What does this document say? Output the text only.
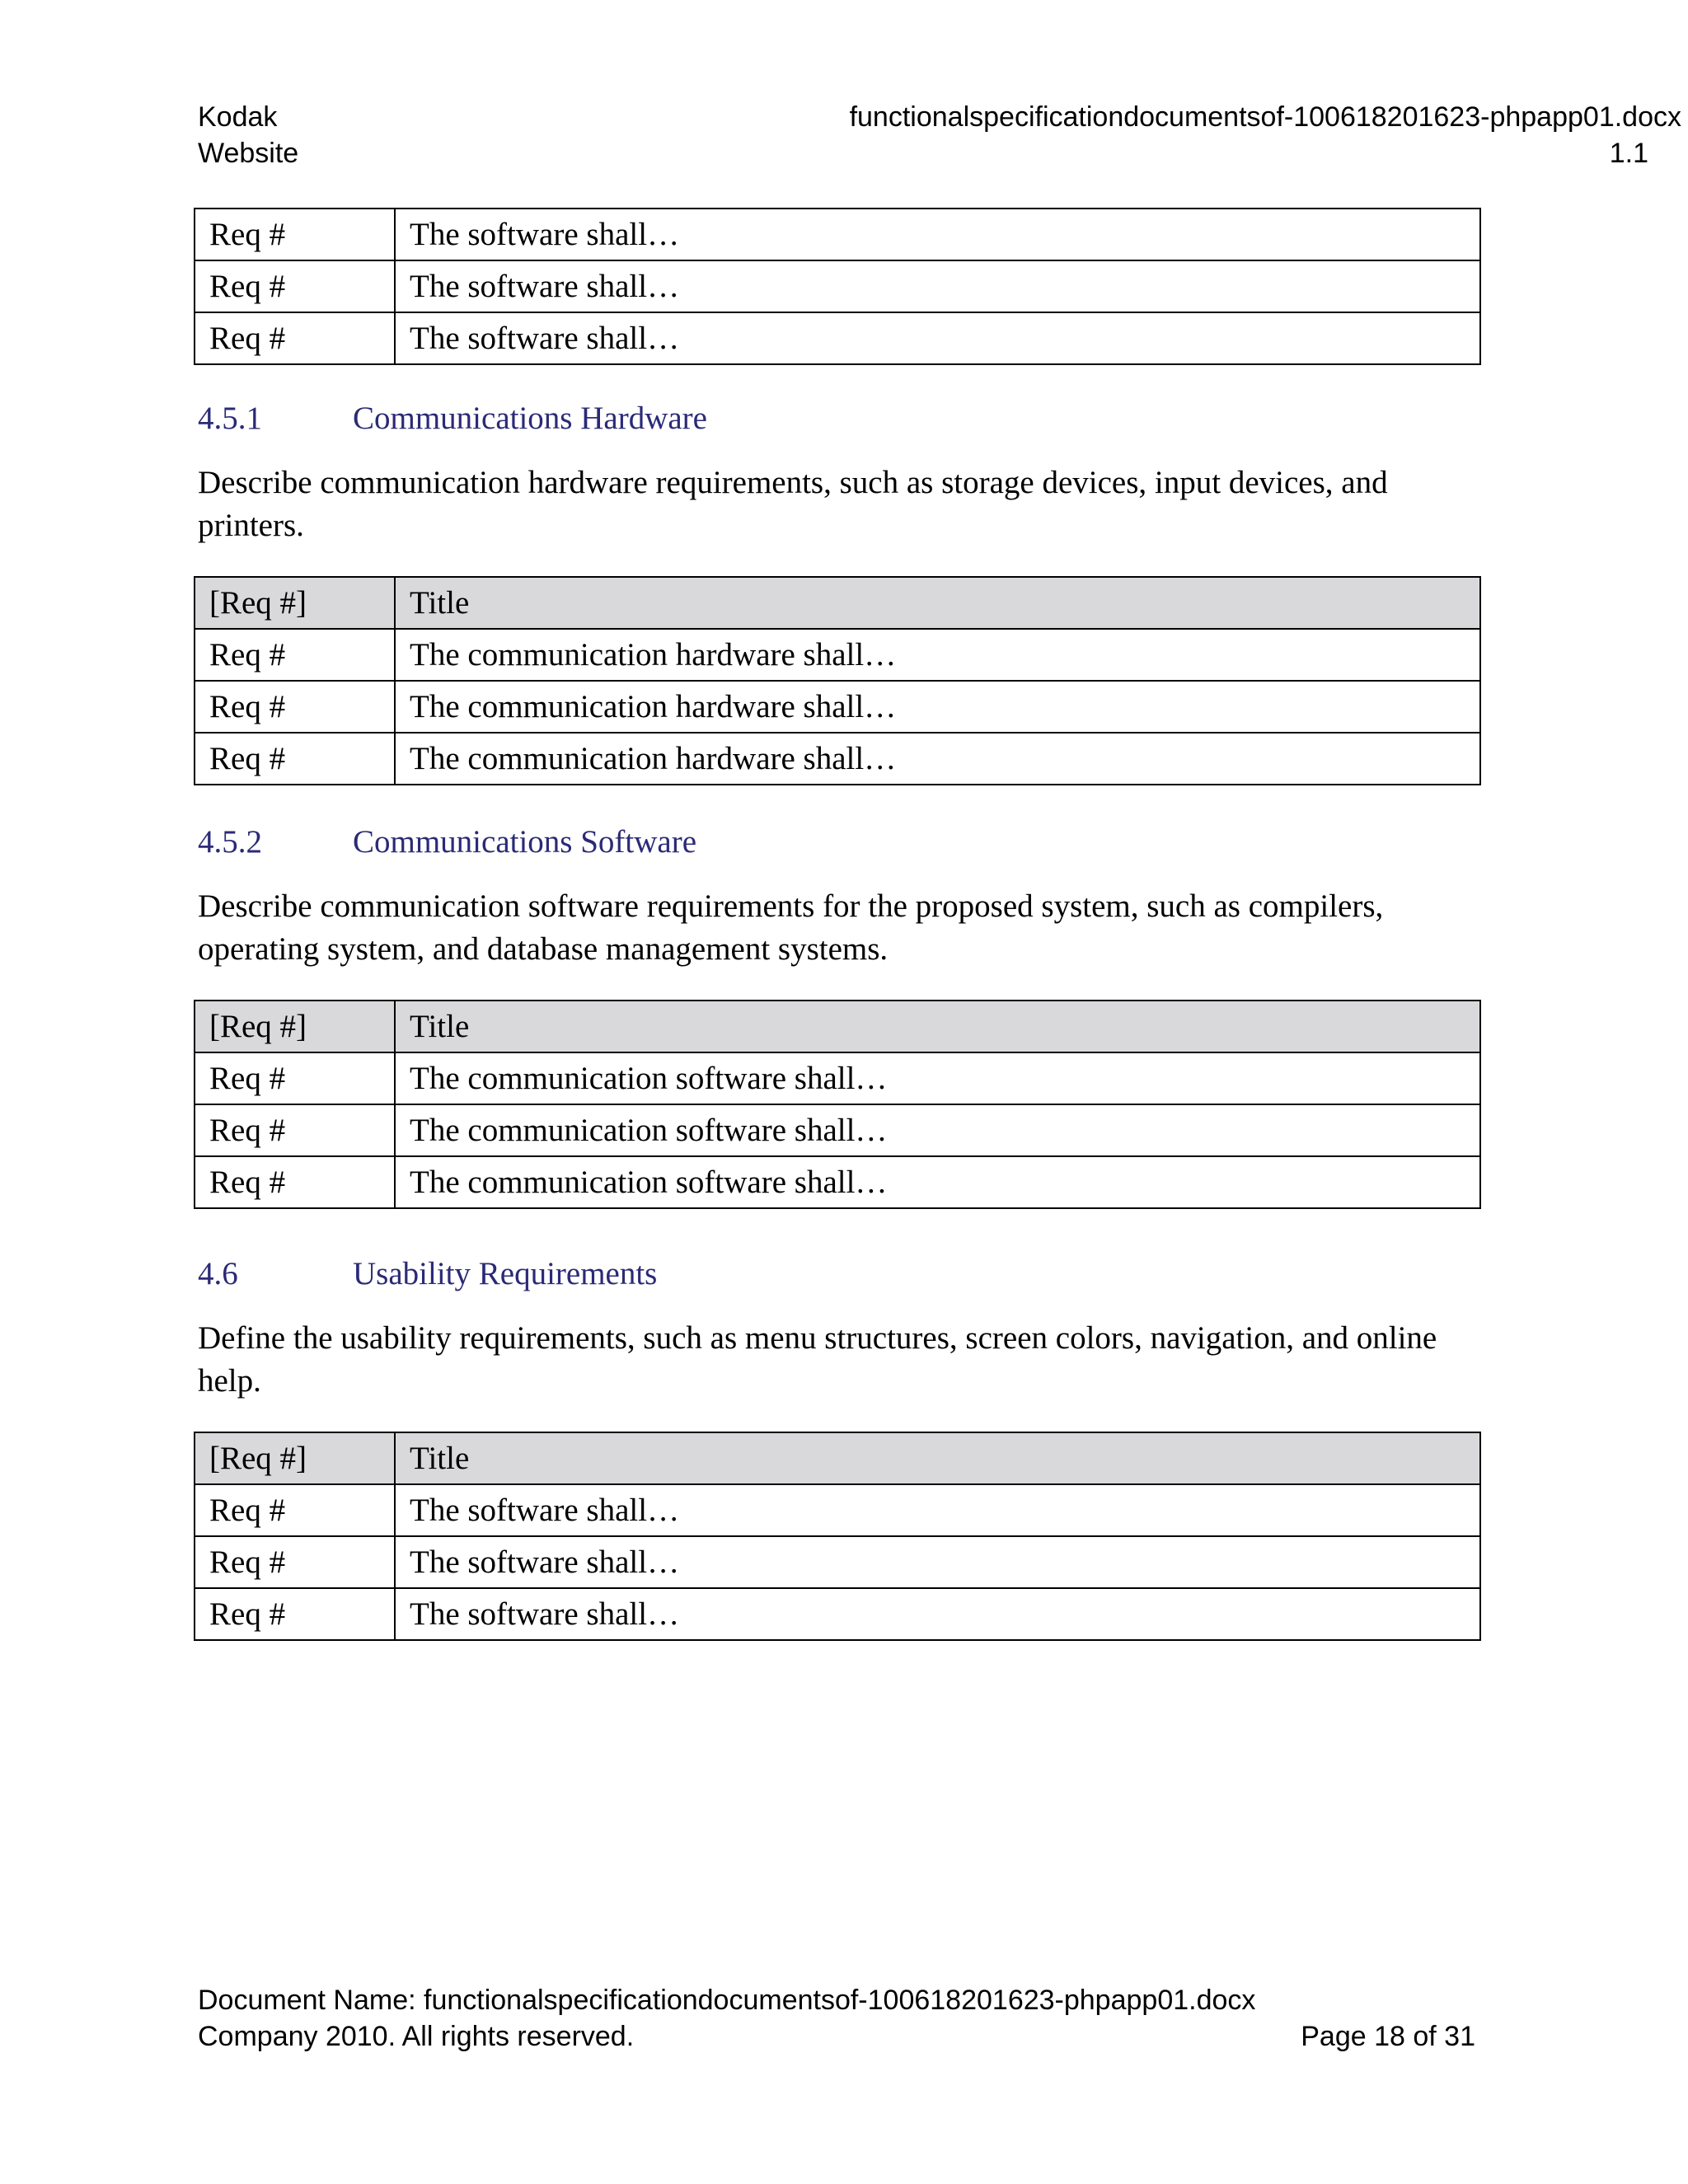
Kodak
Website
functionalspecificationdocumentsof-100618201623-phpapp01.docx
1.1
Req #	The software shall…
Req #	The software shall…
Req #	The software shall…
4.5.1	Communications Hardware
Describe communication hardware requirements, such as storage devices, input devices, and printers.
[Req #]	Title
Req #	The communication hardware shall…
Req #	The communication hardware shall…
Req #	The communication hardware shall…
4.5.2	Communications Software
Describe communication software requirements for the proposed system, such as compilers, operating system, and database management systems.
[Req #]	Title
Req #	The communication software shall…
Req #	The communication software shall…
Req #	The communication software shall…
4.6	Usability Requirements
Define the usability requirements, such as menu structures, screen colors, navigation, and online help.
[Req #]	Title
Req #	The software shall…
Req #	The software shall…
Req #	The software shall…
Document Name: functionalspecificationdocumentsof-100618201623-phpapp01.docx
Company 2010. All rights reserved.	Page 18 of 31
